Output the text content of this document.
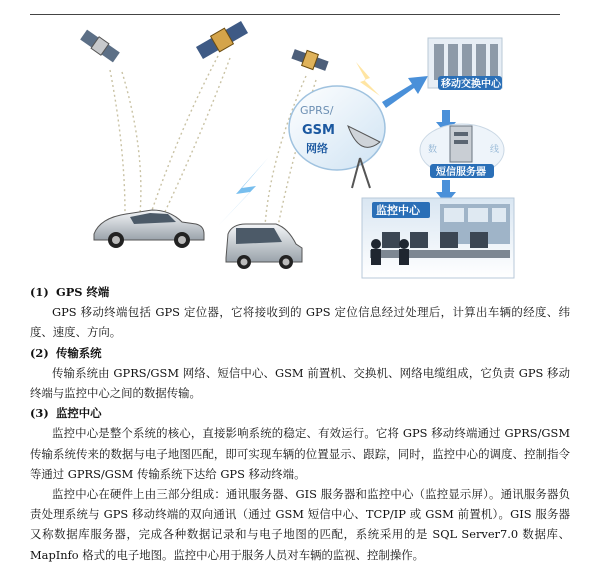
GPRS/
GSM
网络
移动交换中心
数	线
短信服务器
监控中心
(1) GPS 终端
GPS 移动终端包括 GPS 定位器，它将接收到的 GPS 定位信息经过处理后，计算出车辆的经度、纬度、速度、方向。
(2) 传输系统
传输系统由 GPRS/GSM 网络、短信中心、GSM 前置机、交换机、网络电缆组成，它负责 GPS 移动终端与监控中心之间的数据传输。
(3) 监控中心
监控中心是整个系统的核心，直接影响系统的稳定、有效运行。它将 GPS 移动终端通过 GPRS/GSM 传输系统传来的数据与电子地图匹配，即可实现车辆的位置显示、跟踪，同时，监控中心的调度、控制指令等通过 GPRS/GSM 传输系统下达给 GPS 移动终端。
监控中心在硬件上由三部分组成：通讯服务器、GIS 服务器和监控中心（监控显示屏）。通讯服务器负责处理系统与 GPS 移动终端的双向通讯（通过 GSM 短信中心、TCP/IP 或 GSM 前置机）。GIS 服务器又称数据库服务器，完成各种数据记录和与电子地图的匹配，系统采用的是 SQL Server7.0 数据库、MapInfo 格式的电子地图。监控中心用于服务人员对车辆的监视、控制操作。
